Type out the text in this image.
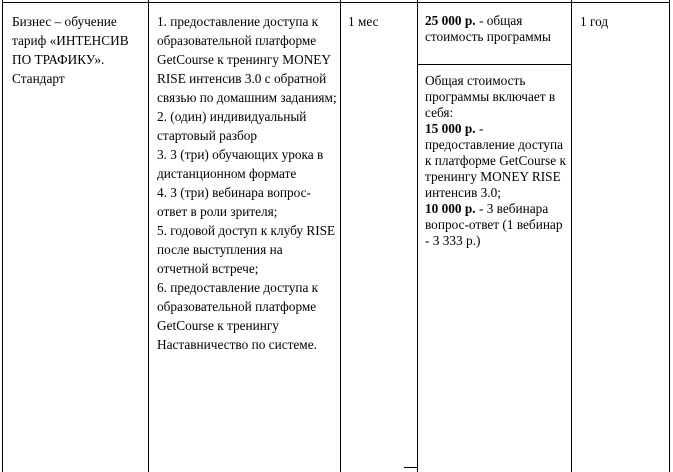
Бизнес – обучение тариф «ИНТЕНСИВ ПО ТРАФИКУ». Стандарт

1. предоставление доступа к образовательной платформе GetCourse к тренингу MONEY RISE интенсив 3.0 с обратной связью по домашним заданиям;

2. (один) индивидуальный стартовый разбор

3. 3 (три) обучающих урока в дистанционном формате

4. 3 (три) вебинара вопрос-ответ в роли зрителя;

5. годовой доступ к клубу RISE после выступления на отчетной встрече;

6. предоставление доступа к образовательной платформе GetCourse к тренингу Наставничество по системе.

1 мес	25 000 р. - общая стоимость программы

Общая стоимость программы включает в себя:

15 000 р. - предоставление доступа к платформе GetCourse к тренингу MONEY RISE интенсив 3.0;

10 000 р. - 3 вебинара вопрос-ответ (1 вебинар - 3 333 р.)

1 год
